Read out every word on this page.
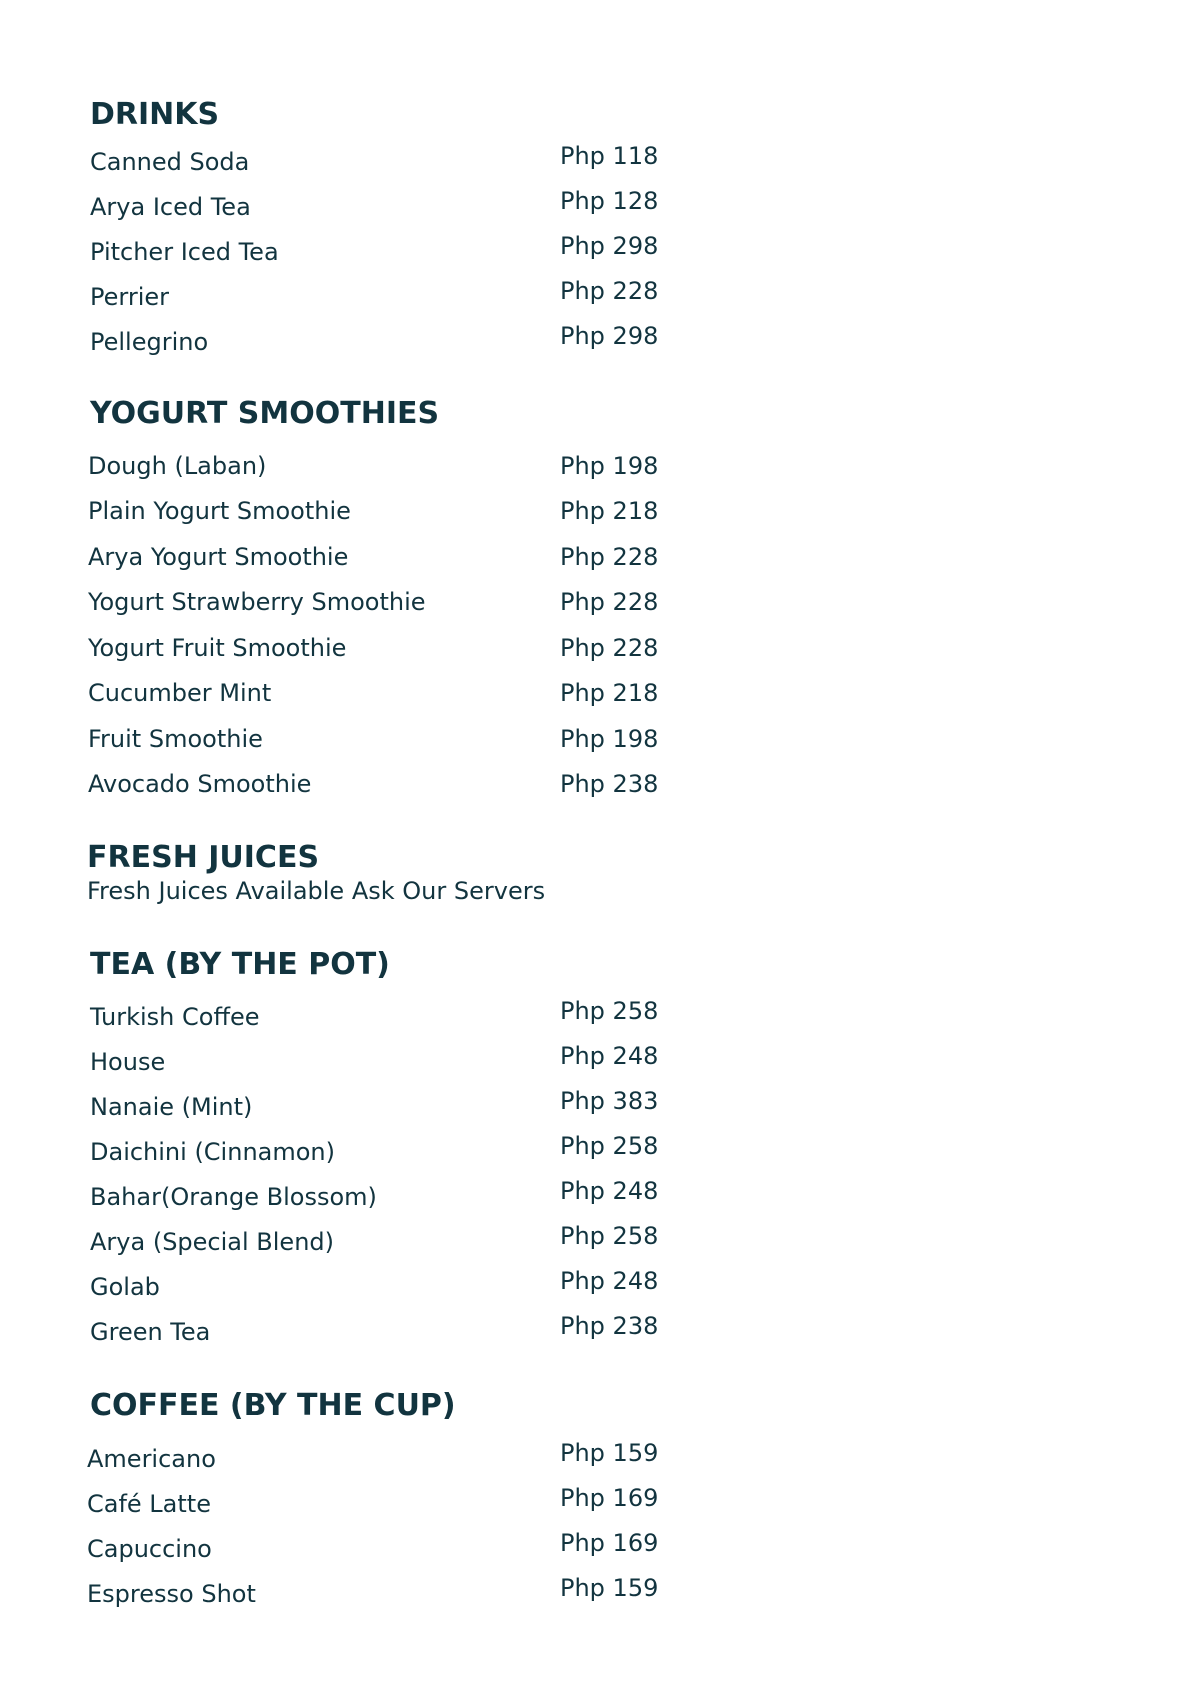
DRINKS
Canned Soda	Php 118
Arya Iced Tea	Php 128
Pitcher Iced Tea	Php 298
Perrier	Php 228
Pellegrino	Php 298
YOGURT SMOOTHIES
Dough (Laban)	Php 198
Plain Yogurt Smoothie	Php 218
Arya Yogurt Smoothie	Php 228
Yogurt Strawberry Smoothie	Php 228
Yogurt Fruit Smoothie	Php 228
Cucumber Mint	Php 218
Fruit Smoothie	Php 198
Avocado Smoothie	Php 238
FRESH JUICES

Fresh Juices Available Ask Our Servers

TEA (BY THE POT)
Turkish Coffee	Php 258
House	Php 248
Nanaie (Mint)	Php 383
Daichini (Cinnamon)	Php 258
Bahar(Orange Blossom)	Php 248
Arya (Special Blend)	Php 258
Golab	Php 248
Green Tea	Php 238
COFFEE (BY THE CUP)
Americano	Php 159
Café Latte	Php 169
Capuccino	Php 169
Espresso Shot	Php 159
